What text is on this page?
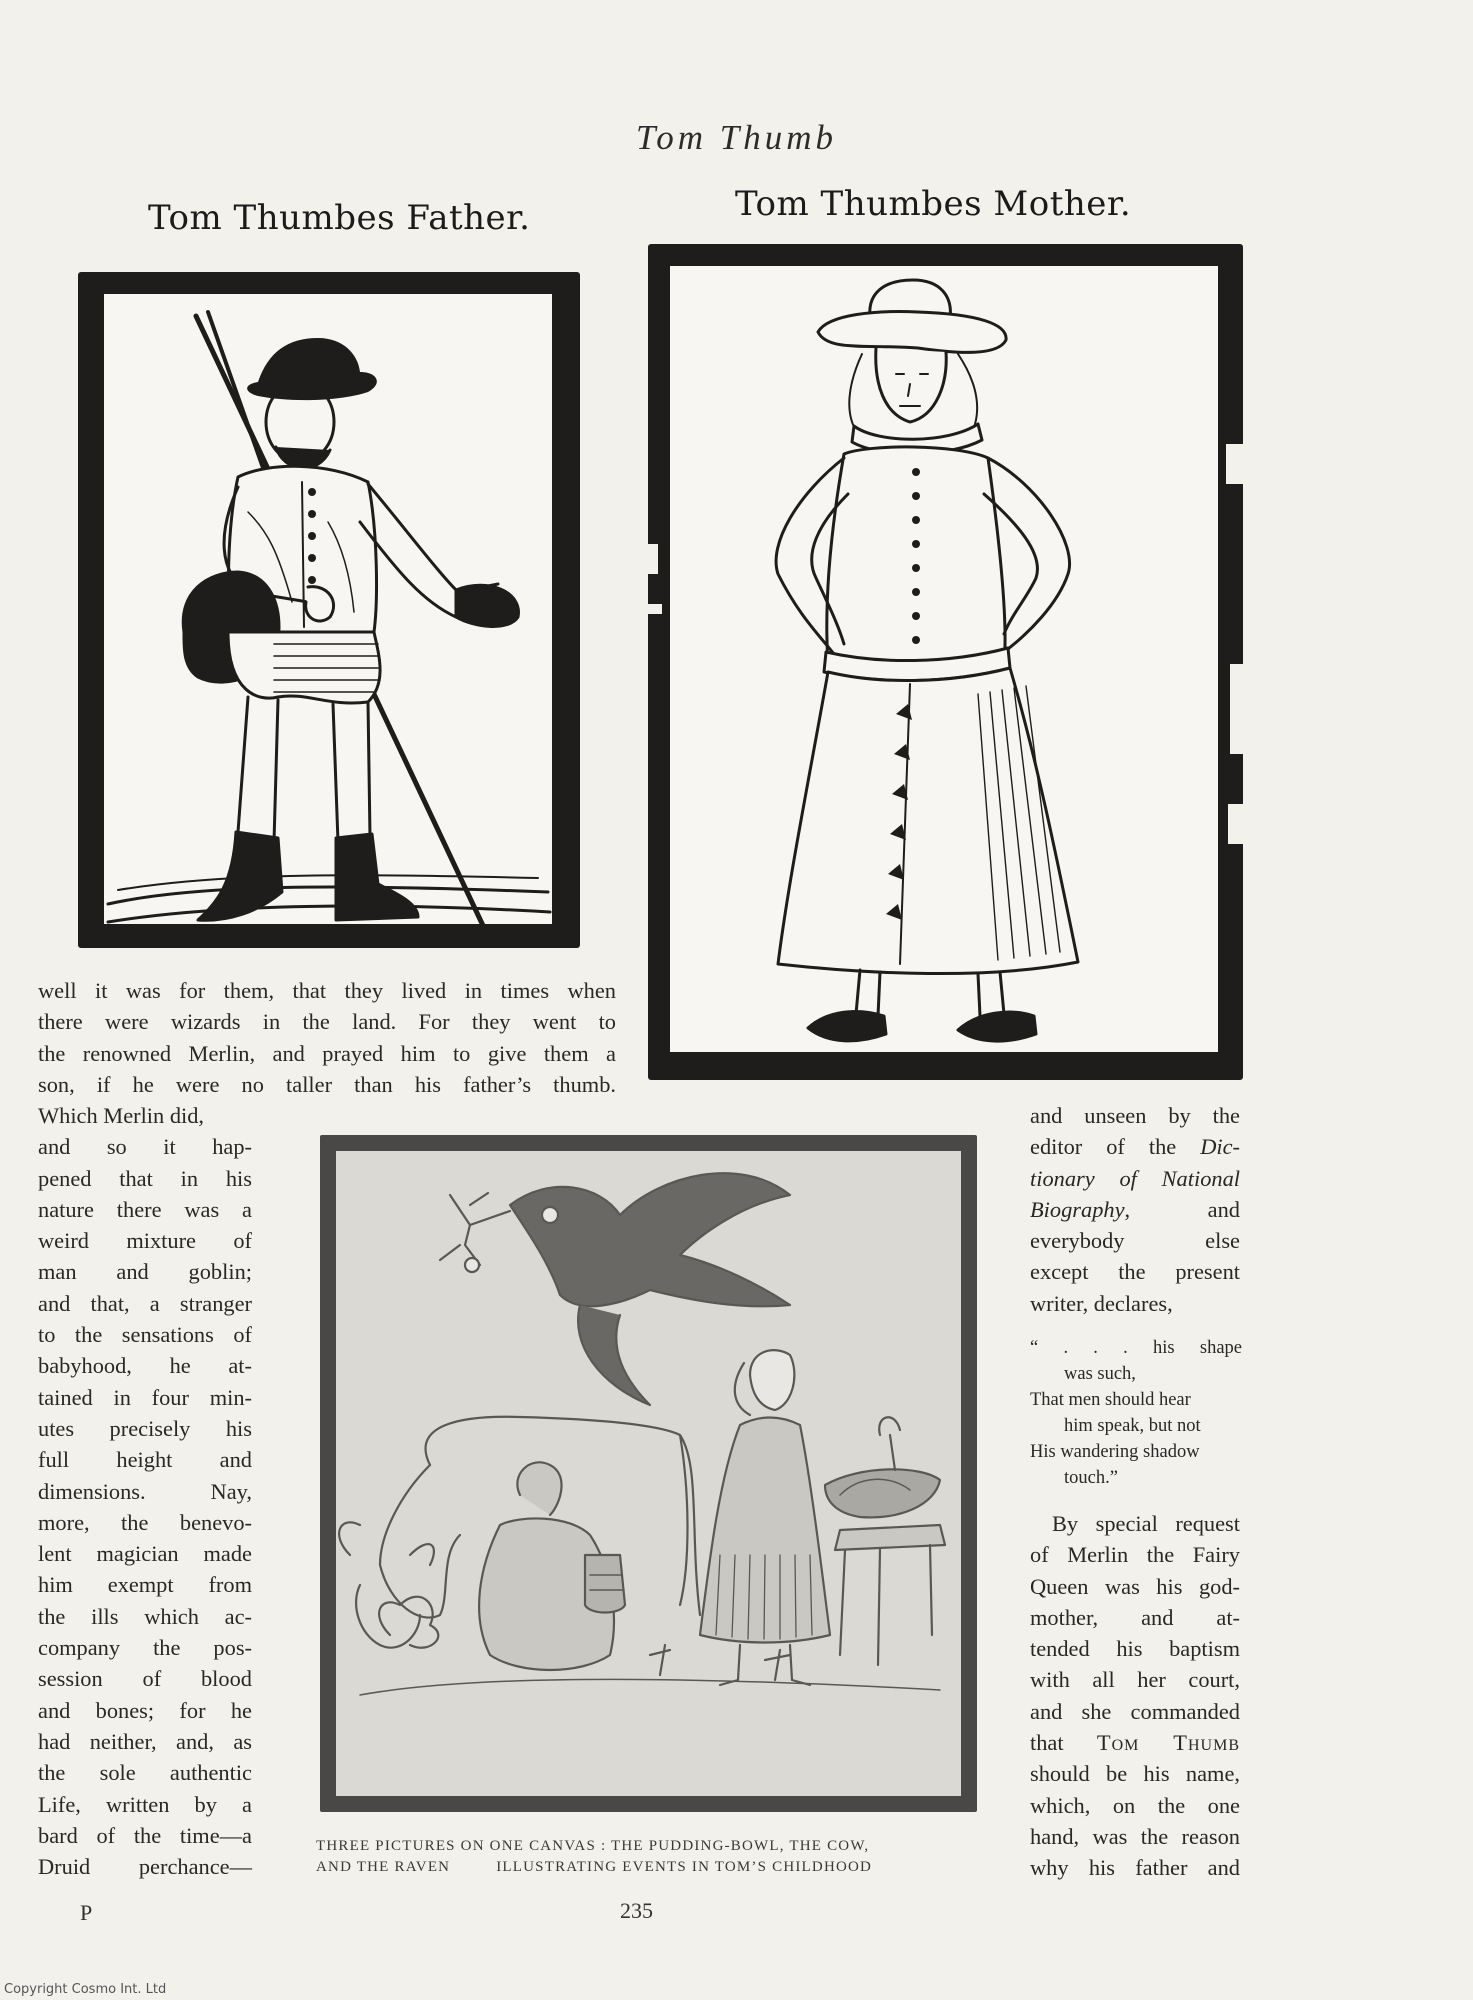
Tom Thumb
Tom Thumbes Father.	Tom Thumbes Mother.
well it was for them, that they lived in times when
there were wizards in the land. For they went to
the renowned Merlin, and prayed him to give them a
son, if he were no taller than his father’s thumb.
Which Merlin did,
and so it hap-
pened that in his
nature there was a
weird mixture of
man and goblin;
and that, a stranger
to the sensations of
babyhood, he at-
tained in four min-
utes precisely his
full height and
dimensions. Nay,
more, the benevo-
lent magician made
him exempt from
the ills which ac-
company the pos-
session of blood
and bones; for he
had neither, and, as
the sole authentic
Life, written by a
bard of the time—a
Druid perchance—
THREE PICTURES ON ONE CANVAS : THE PUDDING-BOWL, THE COW,
AND THE RAVEN	ILLUSTRATING EVENTS IN TOM’S CHILDHOOD
and unseen by the
editor of the Dic-
tionary of National
Biography, and
everybody else
except the present
writer, declares,
“ . . . his shape
was such,
That men should hear
him speak, but not
His wandering shadow
touch.”
By special request
of Merlin the Fairy
Queen was his god-
mother, and at-
tended his baptism
with all her court,
and she commanded
that Tom Thumb
should be his name,
which, on the one
hand, was the reason
why his father and
P	235
Copyright Cosmo Int. Ltd
